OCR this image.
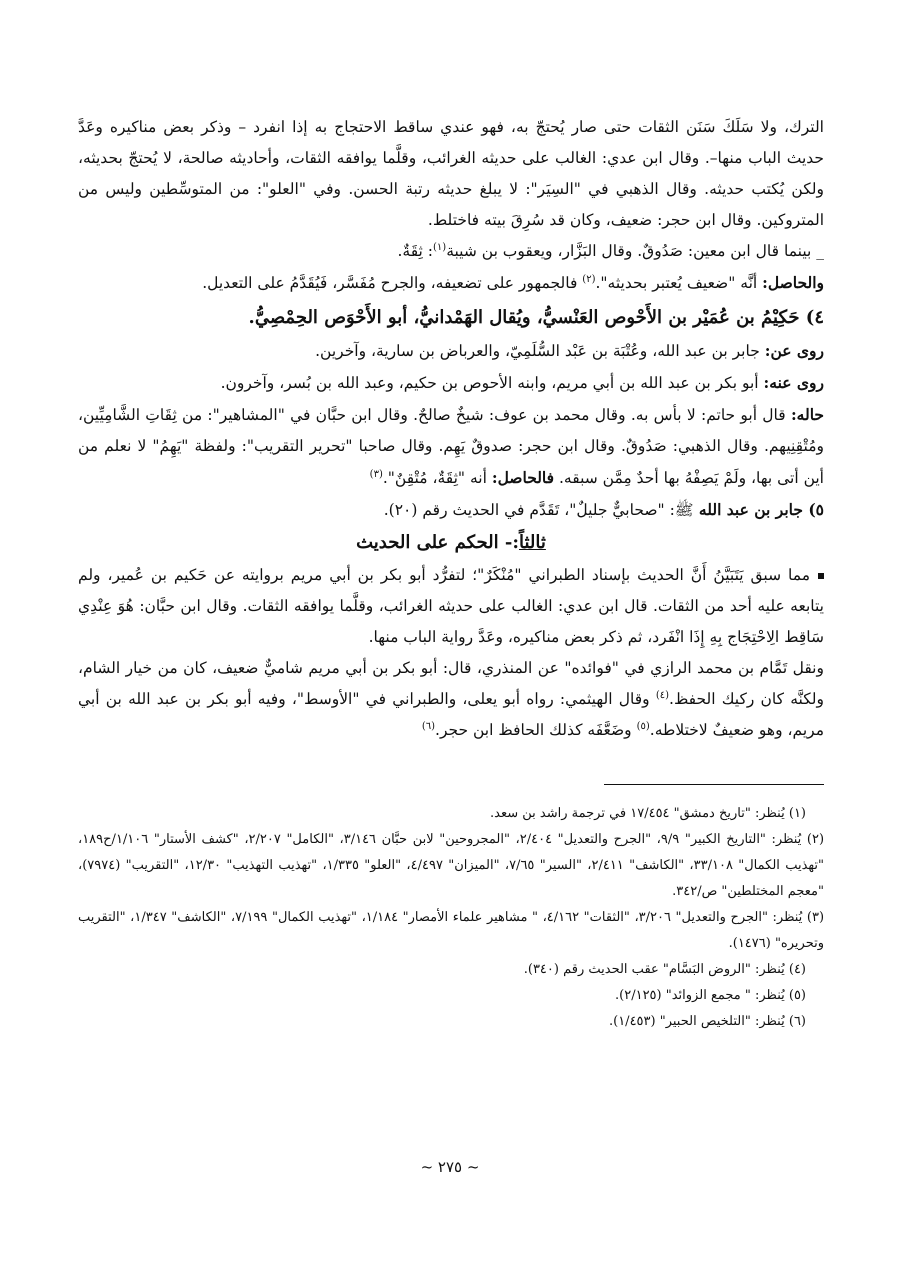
الترك، ولا سَلَكَ سَنَن الثقات حتى صار يُحتجّ به، فهو عندي ساقط الاحتجاج به إذا انفرد – وذكر بعض مناكيره وعَدَّ حديث الباب منها–. وقال ابن عدي: الغالب على حديثه الغرائب، وقلَّما يوافقه الثقات، وأحاديثه صالحة، لا يُحتجّ بحديثه، ولكن يُكتب حديثه. وقال الذهبي في "السِيَر": لا يبلغ حديثه رتبة الحسن. وفي "العلو": من المتوسِّطين وليس من المتروكين. وقال ابن حجر: ضعيف، وكان قد سُرِقَ بيته فاختلط.

_ بينما قال ابن معين: صَدُوقٌ. وقال البَزَّار، ويعقوب بن شيبة$^{(١)}$: ثِقَةٌ.

والحاصل: أنَّه "ضعيف يُعتبر بحديثه".$^{(٢)}$ فالجمهور على تضعيفه، والجرح مُفَسَّر، فَيُقَدَّمُ على التعديل.

٤) حَكِيْمُ بن عُمَيْر بن الأَحْوص العَنْسيُّ، ويُقال الهَمْدانيُّ، أبو الأَحْوَص الحِمْصِيُّ.

روى عن: جابر بن عبد الله، وعُتْبَة بن عَبْد السُّلَمِيّ، والعرباض بن سارية، وآخرين.

روى عنه: أبو بكر بن عبد الله بن أبي مريم، وابنه الأحوص بن حكيم، وعبد الله بن بُسر، وآخرون.

حاله: قال أبو حاتم: لا بأس به. وقال محمد بن عوف: شيخٌ صالحٌ. وقال ابن حبَّان في "المشاهير": من ثِقَاتِ الشَّامِيِّين، ومُتْقِنِيهم. وقال الذهبي: صَدُوقٌ. وقال ابن حجر: صدوقٌ يَهِم. وقال صاحبا "تحرير التقريب": ولفظة "يَهِمُ" لا نعلم من أين أتى بها، ولَمْ يَصِفْهُ بها أحدٌ مِمَّن سبقه. فالحاصل: أنه "ثِقَةٌ، مُتْقِنٌ".$^{(٣)}$

٥) جابر بن عبد الله ﷺ: "صحابيٌّ جليلٌ"، تَقَدَّم في الحديث رقم (٢٠).

ثالثاً:- الحكم على الحديث

مما سبق يَتَبَيَّنُ أَنَّ الحديث بإسناد الطبراني "مُنْكَرٌ"؛ لتفرُّد أبو بكر بن أبي مريم بروايته عن حَكيم بن عُمير، ولم يتابعه عليه أحد من الثقات. قال ابن عدي: الغالب على حديثه الغرائب، وقلَّما يوافقه الثقات. وقال ابن حبَّان: هُوَ عِنْدِي سَاقِط الِاحْتِجَاج بِهِ إِذَا انْفَرد، ثم ذكر بعض مناكيره، وعَدَّ رواية الباب منها.

ونقل تَمَّام بن محمد الرازي في "فوائده" عن المنذري، قال: أبو بكر بن أبي مريم شاميٌّ ضعيف، كان من خيار الشام، ولكنَّه كان ركيك الحفظ.$^{(٤)}$ وقال الهيثمي: رواه أبو يعلى، والطبراني في "الأوسط"، وفيه أبو بكر بن عبد الله بن أبي مريم، وهو ضعيفٌ لاختلاطه.$^{(٥)}$ وضَعَّفَه كذلك الحافظ ابن حجر.$^{(٦)}$

(١) يُنظر: "تاريخ دمشق" ١٧/٤٥٤ في ترجمة راشد بن سعد.

(٢) يُنظر: "التاريخ الكبير" ٩/٩، "الجرح والتعديل" ٢/٤٠٤، "المجروحين" لابن حبَّان ٣/١٤٦، "الكامل" ٢/٢٠٧، "كشف الأستار" ١/١٠٦/ح١٨٩، "تهذيب الكمال" ٣٣/١٠٨، "الكاشف" ٢/٤١١، "السير" ٧/٦٥، "الميزان" ٤/٤٩٧، "العلو" ١/٣٣٥، "تهذيب التهذيب" ١٢/٣٠، "التقريب" (٧٩٧٤)، "معجم المختلطين" ص/٣٤٢.

(٣) يُنظر: "الجرح والتعديل" ٣/٢٠٦، "الثقات" ٤/١٦٢، " مشاهير علماء الأمصار" ١/١٨٤، "تهذيب الكمال" ٧/١٩٩، "الكاشف" ١/٣٤٧، "التقريب وتحريره" (١٤٧٦).

(٤) يُنظر: "الروض البَسَّام" عقب الحديث رقم (٣٤٠).

(٥) يُنظر: " مجمع الزوائد" (٢/١٢٥).

(٦) يُنظر: "التلخيص الحبير" (١/٤٥٣).

~ ٢٧٥ ~
